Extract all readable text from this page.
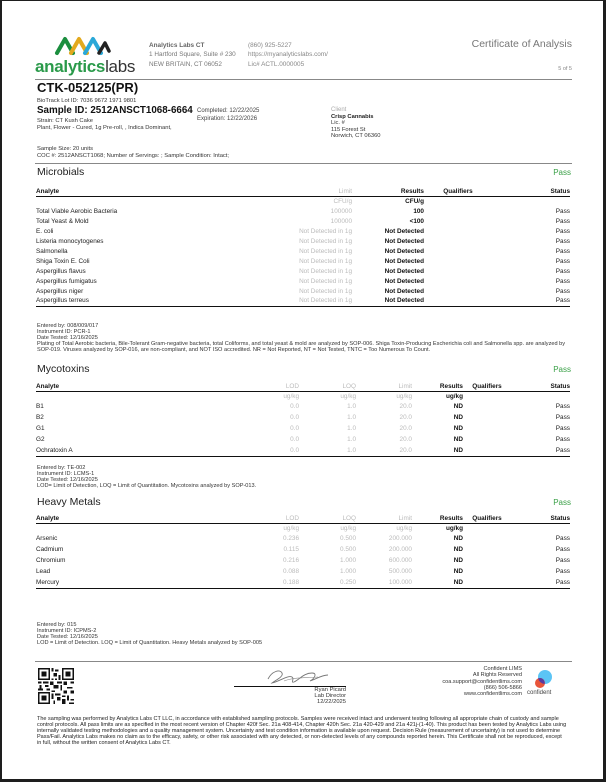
analyticslabs
Analytics Labs CT
1 Hartford Square, Suite # 230
NEW BRITAIN, CT 06052
(860) 925-5227
https://myanalyticslabs.com/
Lic# ACTL.0000005
Certificate of Analysis
5 of 5
CTK-052125(PR)
BioTrack Lot ID: 7036 9672 1971 9801
Sample ID: 2512ANSCT1068-6664
Strain: CT Kush Cake
Plant, Flower - Cured, 1g Pre-roll, , Indica Dominant,
Completed: 12/22/2025
Expiration: 12/22/2026
Client
Crisp Cannabis
Lic. #
115 Forest St
Norwich, CT 06360
Sample Size: 20 units
COC #: 2512ANSCT1068; Number of Servings: ; Sample Condition: Intact;
Microbials	Pass
Analyte	Limit	Results	Qualifiers	Status
	CFU/g	CFU/g		
Total Viable Aerobic Bacteria	100000	100		Pass
Total Yeast & Mold	100000	<100		Pass
E. coli	Not Detected in 1g	Not Detected		Pass
Listeria monocytogenes	Not Detected in 1g	Not Detected		Pass
Salmonella	Not Detected in 1g	Not Detected		Pass
Shiga Toxin E. Coli	Not Detected in 1g	Not Detected		Pass
Aspergillus flavus	Not Detected in 1g	Not Detected		Pass
Aspergillus fumigatus	Not Detected in 1g	Not Detected		Pass
Aspergillus niger	Not Detected in 1g	Not Detected		Pass
Aspergillus terreus	Not Detected in 1g	Not Detected		Pass
Entered by: 008/009/017
Instrument ID: PCR-1
Date Tested: 12/16/2025
Plating of Total Aerobic bacteria, Bile-Tolerant Gram-negative bacteria, total Coliforms, and total yeast & mold are analyzed by SOP-006. Shiga Toxin-Producing Escherichia coli and Salmonella spp. are analyzed by SOP-019. Viruses analyzed by SOP-016, are non-compliant, and NOT ISO accredited. NR = Not Reported, NT = Not Tested, TNTC = Too Numerous To Count.
Mycotoxins	Pass
Analyte	LOD	LOQ	Limit	Results	Qualifiers	Status
	ug/kg	ug/kg	ug/kg	ug/kg		
B1	0.0	1.0	20.0	ND		Pass
B2	0.0	1.0	20.0	ND		Pass
G1	0.0	1.0	20.0	ND		Pass
G2	0.0	1.0	20.0	ND		Pass
Ochratoxin A	0.0	1.0	20.0	ND		Pass
Entered by: TE-002
Instrument ID: LCMS-1
Date Tested: 12/16/2025
LOD= Limit of Detection, LOQ = Limit of Quantitation. Mycotoxins analyzed by SOP-013.
Heavy Metals	Pass
Analyte	LOD	LOQ	Limit	Results	Qualifiers	Status
	ug/kg	ug/kg	ug/kg	ug/kg		
Arsenic	0.236	0.500	200.000	ND		Pass
Cadmium	0.115	0.500	200.000	ND		Pass
Chromium	0.216	1.000	600.000	ND		Pass
Lead	0.088	1.000	500.000	ND		Pass
Mercury	0.188	0.250	100.000	ND		Pass
Entered by: 015
Instrument ID: ICPMS-2
Date Tested: 12/16/2025
LOD = Limit of Detection. LOQ = Limit of Quantitation. Heavy Metals analyzed by SOP-005
Ryan Picard
Lab Director
12/22/2025
Confident LIMS
All Rights Reserved
coa.support@confidentlims.com
(866) 506-5866
www.confidentlims.com confident
The sampling was performed by Analytics Labs CT LLC, in accordance with established sampling protocols. Samples were received intact and underwent testing following all appropriate chain of custody and sample control protocols. All pass limits are as specified in the most recent version of Chapter 420f Sec. 21a 408-414, Chapter 420h Sec. 21a 420-429 and 21a 421j-(1-40). This product has been tested by Analytics Labs using internally validated testing methodologies and a quality management system. Uncertainty and test condition information is available upon request. Decision Rule (measurement of uncertainty) is not used to determine Pass/Fail. Analytics Labs makes no claim as to the efficacy, safety, or other risk associated with any detected, or non-detected levels of any compounds reported herein. This Certificate shall not be reproduced, except in full, without the written consent of Analytics Labs CT.
